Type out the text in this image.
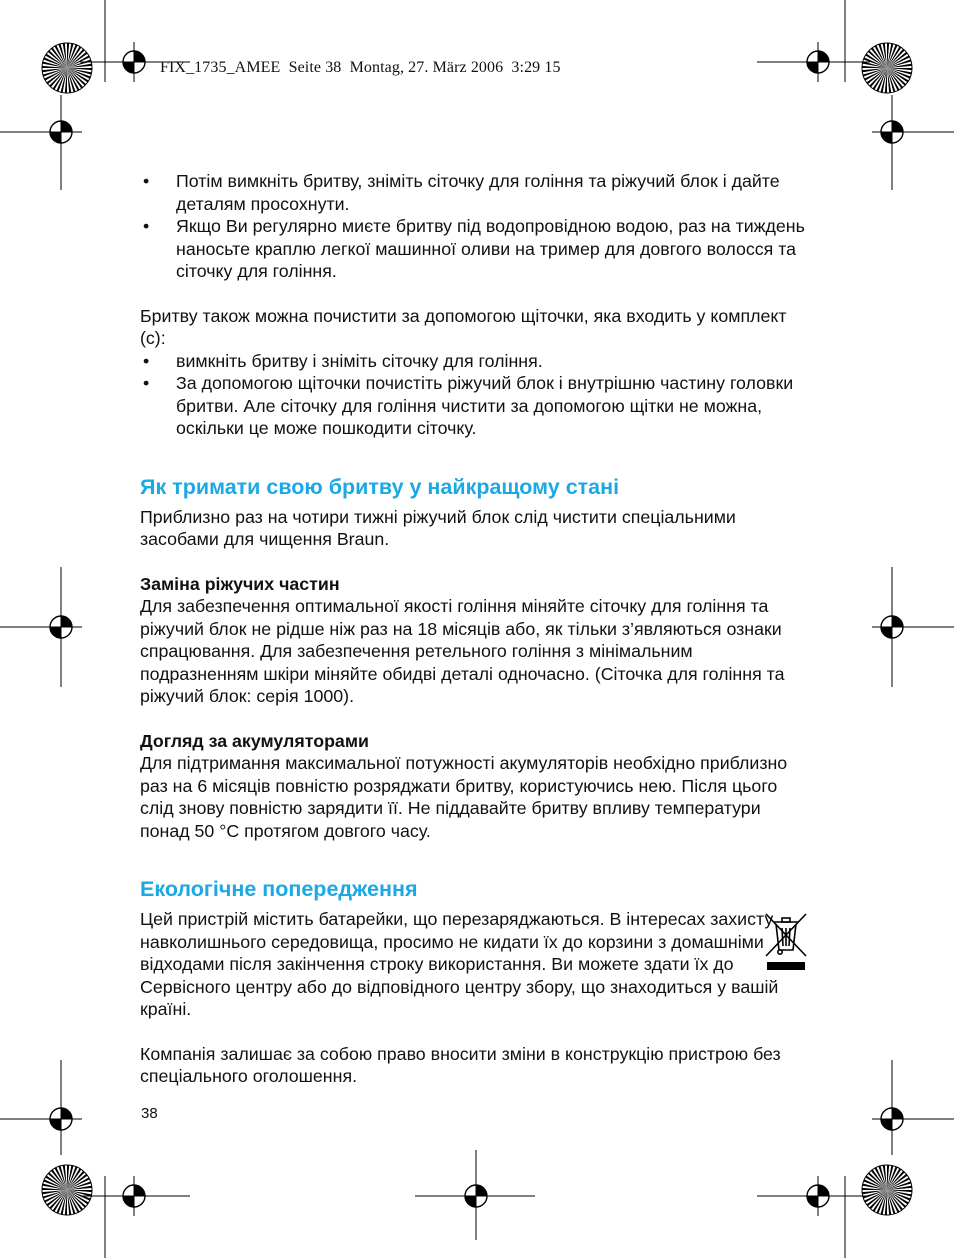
FIX_1735_AMEE  Seite 38  Montag, 27. März 2006  3:29 15
• Потім вимкніть бритву, зніміть сіточку для гоління та ріжучий блок і дайте деталям просохнути.
• Якщо Ви регулярно миєте бритву під водопровідною водою, раз на тиждень наносьте краплю легкої машинної оливи на тример для довгого волосся та сіточку для гоління.

Бритву також можна почистити за допомогою щіточки, яка входить у комплект (c):

• вимкніть бритву і зніміть сіточку для гоління.
• За допомогою щіточки почистіть ріжучий блок і внутрішню частину головки бритви. Але сіточку для гоління чистити за допомогою щітки не можна, оскільки це може пошкодити сіточку.
Як тримати свою бритву у найкращому стані

Приблизно раз на чотири тижні ріжучий блок слід чистити спеціальними засобами для чищення Braun.

Заміна ріжучих частин

Для забезпечення оптимальної якості гоління міняйте сіточку для гоління та ріжучий блок не рідше ніж раз на 18 місяців або, як тільки з’являються ознаки спрацювання. Для забезпечення ретельного гоління з мінімальним подразненням шкіри міняйте обидві деталі одночасно. (Сіточка для гоління та ріжучий блок: серія 1000).

Догляд за акумуляторами

Для підтримання максимальної потужності акумуляторів необхідно приблизно раз на 6 місяців повністю розряджати бритву, користуючись нею. Після цього слід знову повністю зарядити її. Не піддавайте бритву впливу температури понад 50 °C протягом довгого часу.

Екологічне попередження

Цей пристрій містить батарейки, що перезаряджаються. В інтересах захисту навколишнього середовища, просимо не кидати їх до корзини з домашніми відходами після закінчення строку використання. Ви можете здати їх до Сервісного центру або до відповідного центру збору, що знаходиться у вашій країні.

Компанія залишає за собою право вносити зміни в конструкцію пристрою без спеціального оголошення.

38
